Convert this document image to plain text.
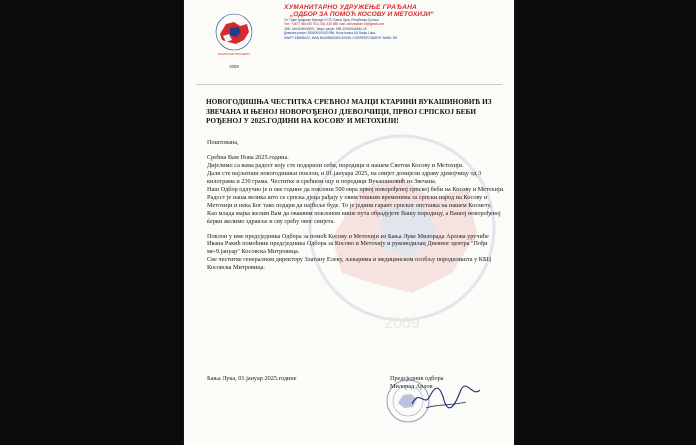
ПОМОЋНИ ПРОЈЕКАТ
2009
ХУМАНИТАРНО УДРУЖЕЊЕ ГРАЂАНА
„ОДБОР ЗА ПОМОЋ КОСОВУ И МЕТОХИЈИ“
Ул. Прве крајишке бригаде 9 ОЗ, Бања Лука, Република Српска
Тел: +3877 065 687 913, 051 435 880 mail: odborsakim.bl@gmail.com
ЈИБ: 4404165540001, Жиро рачун: 555-10000541864-43
Девизни рачун: 555000000101996, Nova banka AD Banja Luka,
SWIFT KBBIBA22, IBAN BA395550000101996, CORRESPONDENT BANK: BS
2009
НОВОГОДИШЊА ЧЕСТИТКА СРЕЋНОЈ МАЈЦИ КТАРИНИ ВУКАШИНОВИЋ ИЗ ЗВЕЧАНА И ЊЕНОЈ НОВОРОЂЕНОЈ ДЈЕВОЈЧИЦИ, ПРВОЈ СРПСКОЈ БЕБИ РОЂЕНОЈ У 2025.ГОДИНИ НА КОСОВУ И МЕТОХИЈИ!

Поштована,

Срећна Вам Нова 2025.година.

Дијелимо са вама радост коју сте подарили себи, породици и нашем Светом Косову и Метохији.

Дали сте најљепши новогодишњи поклон, и 01.јануара 2025, на свијет донијели здраву дјевојчицу од 3 килограма и 230 грама. Честитке и срећном оцу и породици Вукашиновић из Звечана.

Наш Одбор одлучио је и ове године да поклони 500 евра првој новорођеној српској беби на Косову и Метохији.

Радост је наша велика што се српска дјеца рађају у овим тешким временима за српски народ на Косову и Метохији и нека Бог тако подари да најбоље буде. То је једини гарант српског опстанка на нашем Космету.

Као млада мајка желим Вам да оваквим поклоном више пута обрадујете Вашу породицу, а Вашој новорођеној ќерки желимо здравље и сву срећу овог свијета.

Поклон у име предсједника Одбора за помоћ Косову и Метохији из Бања Луке Милорада Арлова уручиће Ивана Ракић помоћник предсједника Одбора за Косово и Метохију и руководилац Дневног центра "Пођи ме-9.јануар" Косовска Митровица.

Све честитке генералном директору Златану Елеку, љекарима и медицинском особљу породилишта у КБЦ Косовска Митровица.

Бања Лука, 01.јануар 2025.године	Предсједник одбора
Милорад Арлов
